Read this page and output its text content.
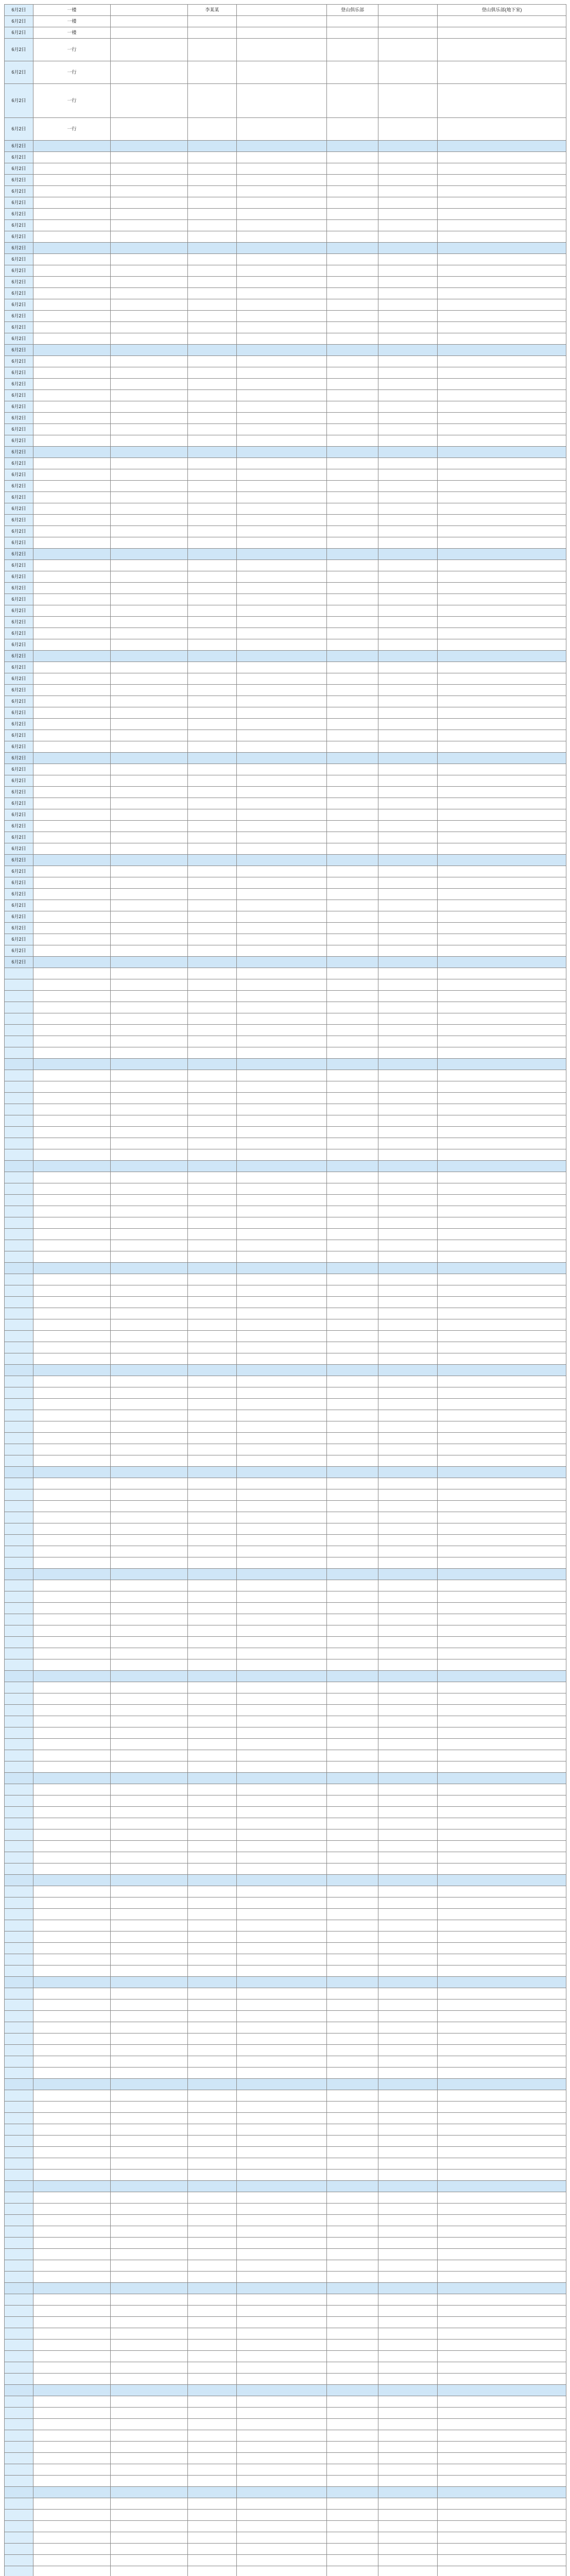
6月2日	一楼		李某某		登山俱乐部		登山俱乐部(地下室)
6月2日	一楼						
6月2日	一楼						
6月2日	一行						
6月2日	一行						
6月2日	一行						
6月2日	一行						
6月2日							
6月2日							
6月2日							
6月2日							
6月2日							
6月2日							
6月2日							
6月2日							
6月2日							
6月2日							
6月2日							
6月2日							
6月2日							
6月2日							
6月2日							
6月2日							
6月2日							
6月2日							
6月2日							
6月2日							
6月2日							
6月2日							
6月2日							
6月2日							
6月2日							
6月2日							
6月2日							
6月2日							
6月2日							
6月2日							
6月2日							
6月2日							
6月2日							
6月2日							
6月2日							
6月2日							
6月2日							
6月2日							
6月2日							
6月2日							
6月2日							
6月2日							
6月2日							
6月2日							
6月2日							
6月2日							
6月2日							
6月2日							
6月2日							
6月2日							
6月2日							
6月2日							
6月2日							
6月2日							
6月2日							
6月2日							
6月2日							
6月2日							
6月2日							
6月2日							
6月2日							
6月2日							
6月2日							
6月2日							
6月2日							
6月2日							
6月2日							
6月2日							
6月2日							
6月2日							
6月2日							
6月2日							
6月2日							
